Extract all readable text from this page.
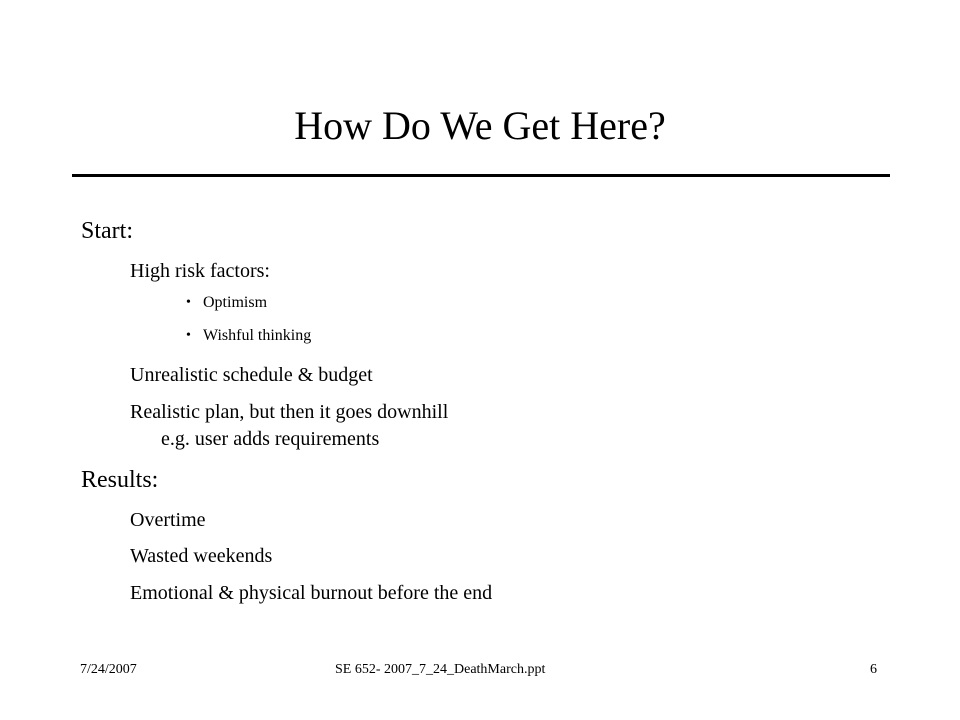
How Do We Get Here?
Start:
High risk factors:
• Optimism
• Wishful thinking
Unrealistic schedule & budget
Realistic plan, but then it goes downhill
e.g. user adds requirements
Results:
Overtime
Wasted weekends
Emotional & physical burnout before the end
7/24/2007	SE 652- 2007_7_24_DeathMarch.ppt	6
